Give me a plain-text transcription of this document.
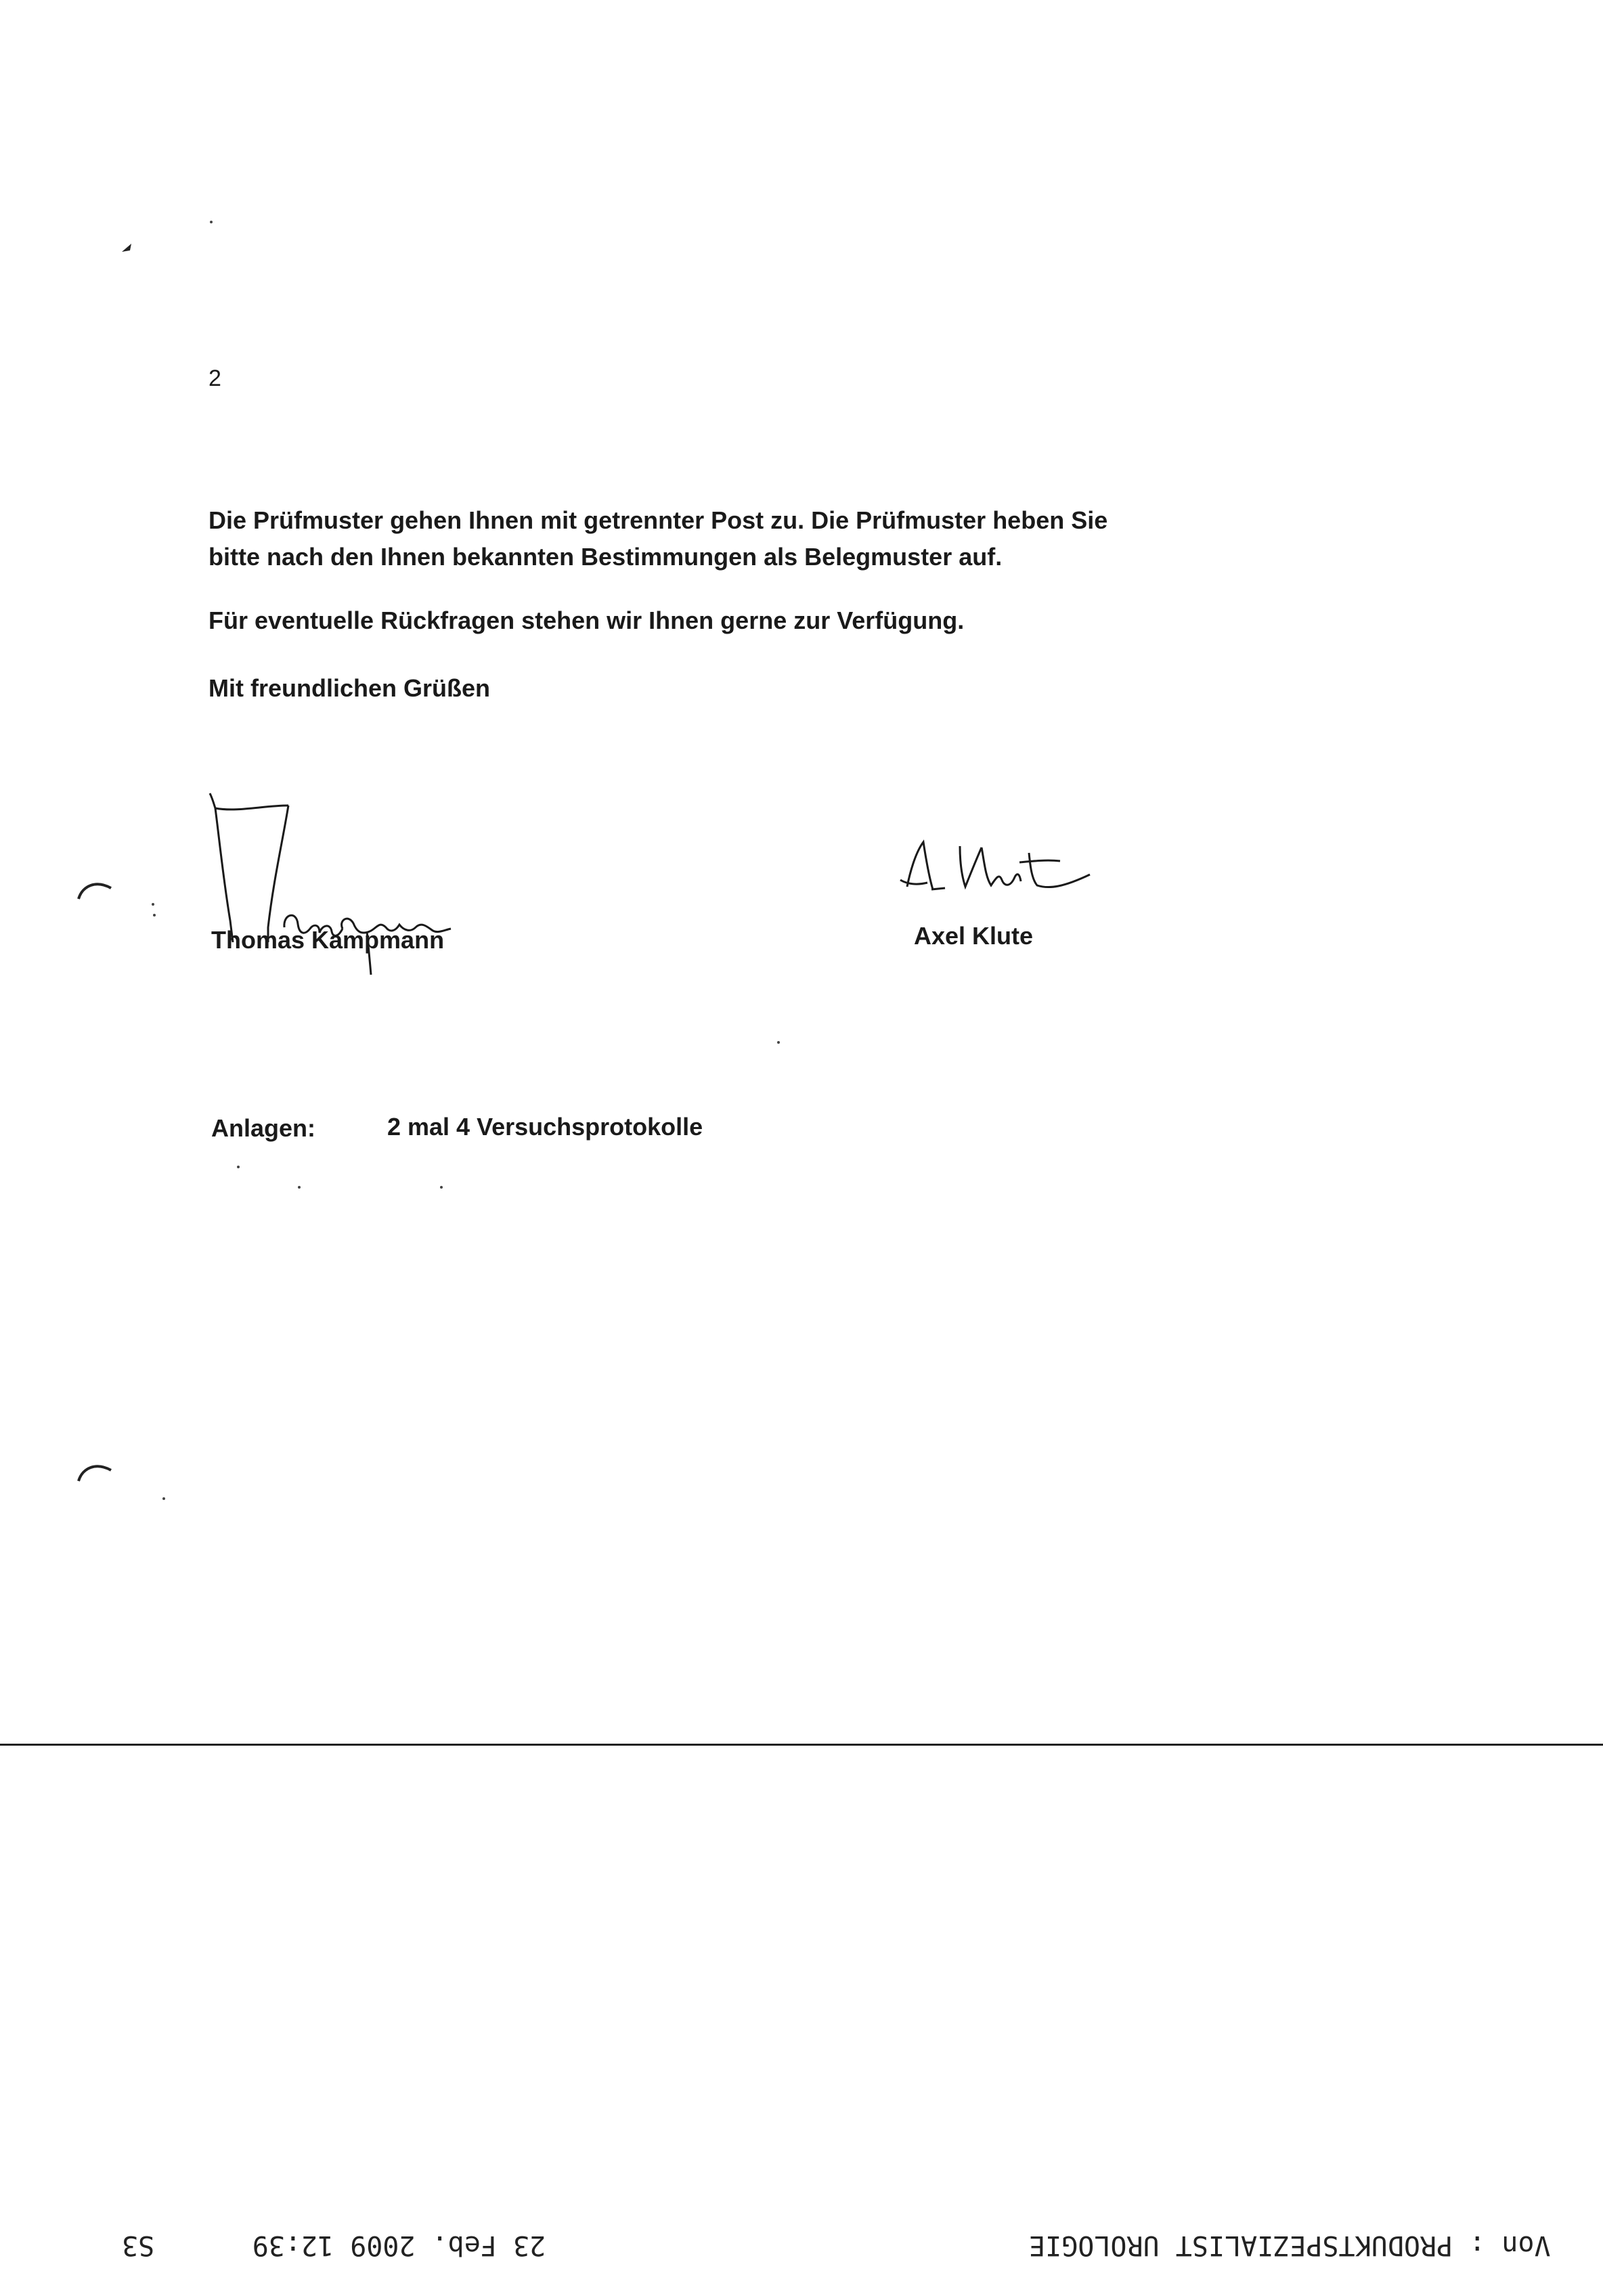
2
Die Prüfmuster gehen Ihnen mit getrennter Post zu. Die Prüfmuster heben Sie
bitte nach den Ihnen bekannten Bestimmungen als Belegmuster auf.
Für eventuelle Rückfragen stehen wir Ihnen gerne zur Verfügung.
Mit freundlichen Grüßen
Thomas Kampmann	Axel Klute
Anlagen:	2 mal 4 Versuchsprotokolle
23 Feb. 2009 12:39      S3	Von : PRODUKTSPEZIALIST UROLOGIE
